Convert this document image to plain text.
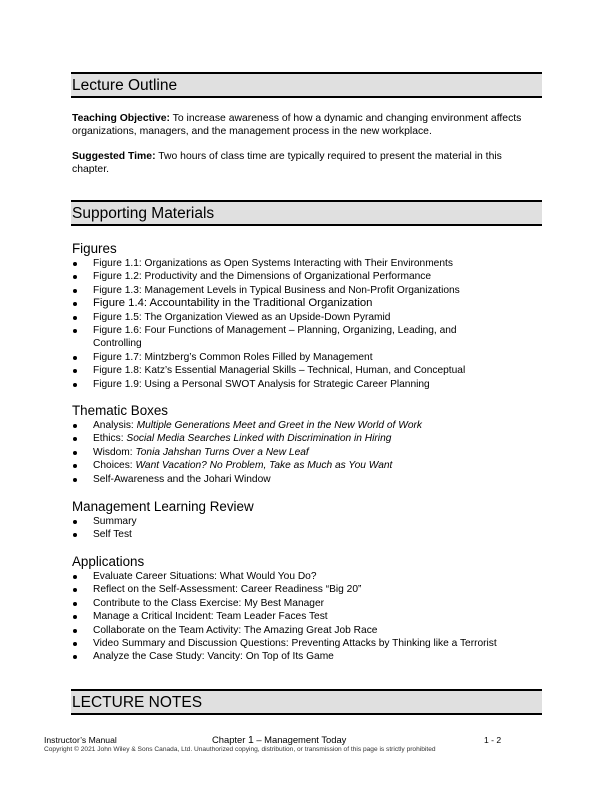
Lecture Outline
Teaching Objective: To increase awareness of how a dynamic and changing environment affects organizations, managers, and the management process in the new workplace.
Suggested Time: Two hours of class time are typically required to present the material in this chapter.
Supporting Materials
Figures
Figure 1.1: Organizations as Open Systems Interacting with Their Environments
Figure 1.2: Productivity and the Dimensions of Organizational Performance
Figure 1.3: Management Levels in Typical Business and Non-Profit Organizations
Figure 1.4: Accountability in the Traditional Organization
Figure 1.5: The Organization Viewed as an Upside-Down Pyramid
Figure 1.6: Four Functions of Management – Planning, Organizing, Leading, and Controlling
Figure 1.7: Mintzberg’s Common Roles Filled by Management
Figure 1.8: Katz’s Essential Managerial Skills – Technical, Human, and Conceptual
Figure 1.9: Using a Personal SWOT Analysis for Strategic Career Planning
Thematic Boxes
Analysis: Multiple Generations Meet and Greet in the New World of Work
Ethics: Social Media Searches Linked with Discrimination in Hiring
Wisdom: Tonia Jahshan Turns Over a New Leaf
Choices: Want Vacation? No Problem, Take as Much as You Want
Self-Awareness and the Johari Window
Management Learning Review
Summary
Self Test
Applications
Evaluate Career Situations: What Would You Do?
Reflect on the Self-Assessment: Career Readiness “Big 20”
Contribute to the Class Exercise: My Best Manager
Manage a Critical Incident: Team Leader Faces Test
Collaborate on the Team Activity: The Amazing Great Job Race
Video Summary and Discussion Questions: Preventing Attacks by Thinking like a Terrorist
Analyze the Case Study: Vancity: On Top of Its Game
LECTURE NOTES
Instructor’s Manual	Chapter 1 – Management Today	1 - 2
Copyright © 2021 John Wiley & Sons Canada, Ltd. Unauthorized copying, distribution, or transmission of this page is strictly prohibited
